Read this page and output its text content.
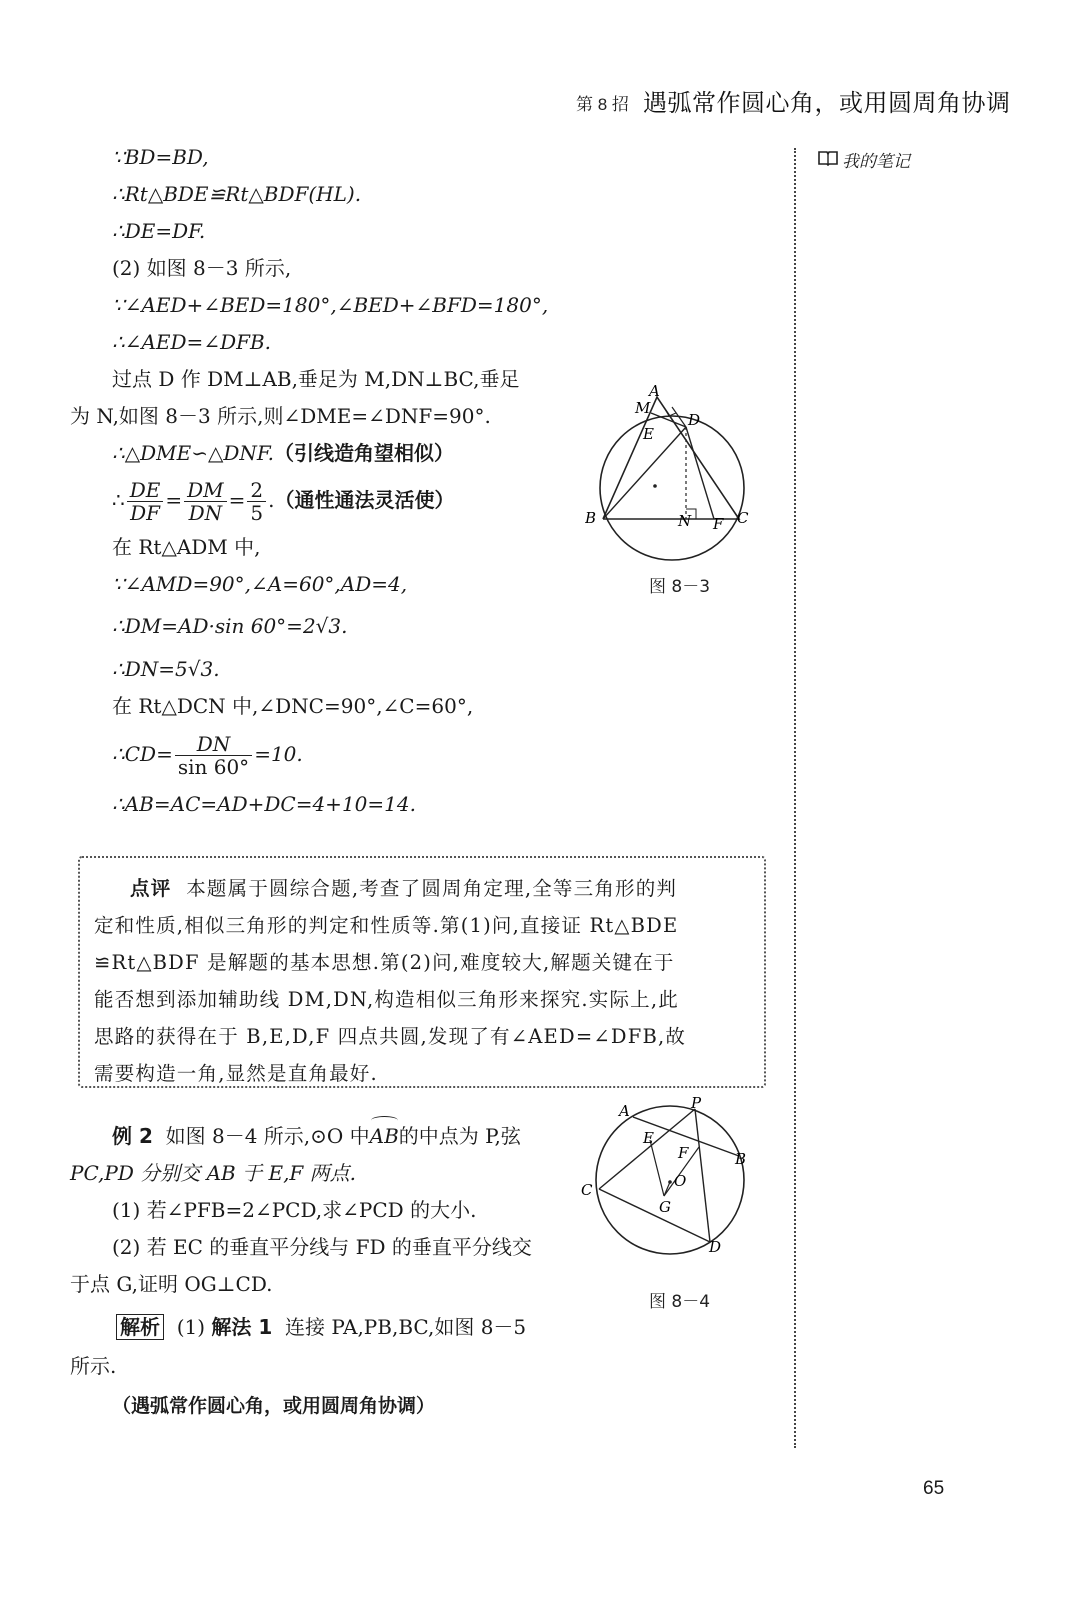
第 8 招 遇弧常作圆心角，或用圆周角协调
我的笔记
∵BD=BD,
∴Rt△BDE≌Rt△BDF(HL).
∴DE=DF.
(2) 如图 8－3 所示,
∵∠AED+∠BED=180°,∠BED+∠BFD=180°,
∴∠AED=∠DFB.
过点 D 作 DM⊥AB,垂足为 M,DN⊥BC,垂足
为 N,如图 8－3 所示,则∠DME=∠DNF=90°.
∴△DME∽△DNF.（引线造角望相似）
∴ $\frac{DE}{DF} = \frac{DM}{DN} = \frac{2}{5}$ .（通性通法灵活使）
在 Rt△ADM 中,
∵∠AMD=90°,∠A=60°,AD=4,
∴DM=AD·sin 60°=2√3.
∴DN=5√3.
在 Rt△DCN 中,∠DNC=90°,∠C=60°,
∴CD= $\frac{DN}{\sin 60^\circ} =10$.
∴AB=AC=AD+DC=4+10=14.
点评 本题属于圆综合题,考查了圆周角定理,全等三角形的判
定和性质,相似三角形的判定和性质等.第(1)问,直接证 Rt△BDE
≌Rt△BDF 是解题的基本思想.第(2)问,难度较大,解题关键在于
能否想到添加辅助线 DM,DN,构造相似三角形来探究.实际上,此
思路的获得在于 B,E,D,F 四点共圆,发现了有∠AED=∠DFB,故
需要构造一角,显然是直角最好.
例 2 如图 8－4 所示,⊙O 中AB的中点为 P,弦
PC,PD 分别交 AB 于 E,F 两点.
(1) 若∠PFB=2∠PCD,求∠PCD 的大小.
(2) 若 EC 的垂直平分线与 FD 的垂直平分线交
于点 G,证明 OG⊥CD.
解析 (1) 解法 1 连接 PA,PB,BC,如图 8－5
所示.
（遇弧常作圆心角，或用圆周角协调）
A
M
D
E
B	N F C
图 8－3
A	P
E
B
F
O
C
G
D
图 8－4
65
